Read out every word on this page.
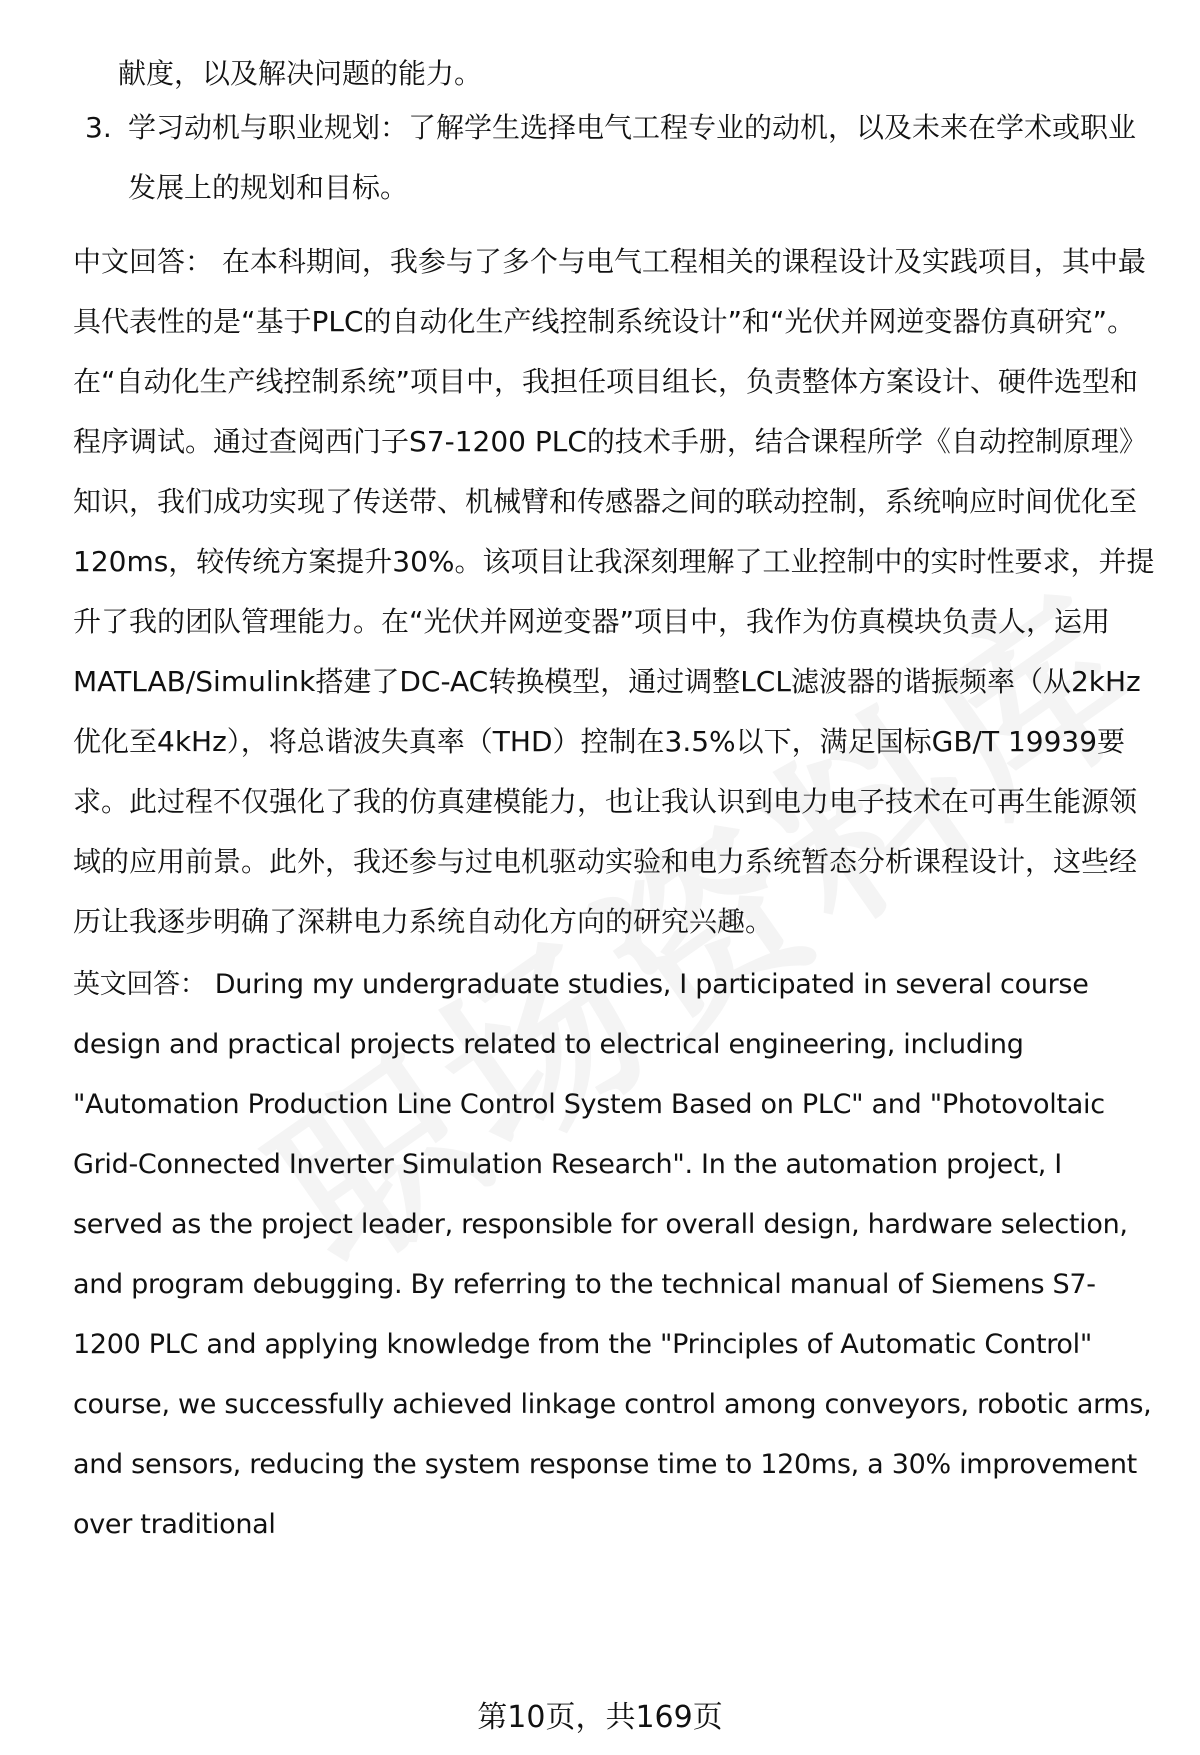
献度，以及解决问题的能力。
3. 学习动机与职业规划：了解学生选择电气工程专业的动机，以及未来在学术或职业发展上的规划和目标。
中文回答： 在本科期间，我参与了多个与电气工程相关的课程设计及实践项目，其中最具代表性的是“基于PLC的自动化生产线控制系统设计”和“光伏并网逆变器仿真研究”。在“自动化生产线控制系统”项目中，我担任项目组长，负责整体方案设计、硬件选型和程序调试。通过查阅西门子S7-1200 PLC的技术手册，结合课程所学《自动控制原理》知识，我们成功实现了传送带、机械臂和传感器之间的联动控制，系统响应时间优化至120ms，较传统方案提升30%。该项目让我深刻理解了工业控制中的实时性要求，并提升了我的团队管理能力。在“光伏并网逆变器”项目中，我作为仿真模块负责人，运用MATLAB/Simulink搭建了DC-AC转换模型，通过调整LCL滤波器的谐振频率（从2kHz优化至4kHz），将总谐波失真率（THD）控制在3.5%以下，满足国标GB/T 19939要求。此过程不仅强化了我的仿真建模能力，也让我认识到电力电子技术在可再生能源领域的应用前景。此外，我还参与过电机驱动实验和电力系统暂态分析课程设计，这些经历让我逐步明确了深耕电力系统自动化方向的研究兴趣。
英文回答： During my undergraduate studies, I participated in several course design and practical projects related to electrical engineering, including "Automation Production Line Control System Based on PLC" and "Photovoltaic Grid-Connected Inverter Simulation Research". In the automation project, I served as the project leader, responsible for overall design, hardware selection, and program debugging. By referring to the technical manual of Siemens S7-1200 PLC and applying knowledge from the "Principles of Automatic Control" course, we successfully achieved linkage control among conveyors, robotic arms, and sensors, reducing the system response time to 120ms, a 30% improvement over traditional
第10页，共169页
